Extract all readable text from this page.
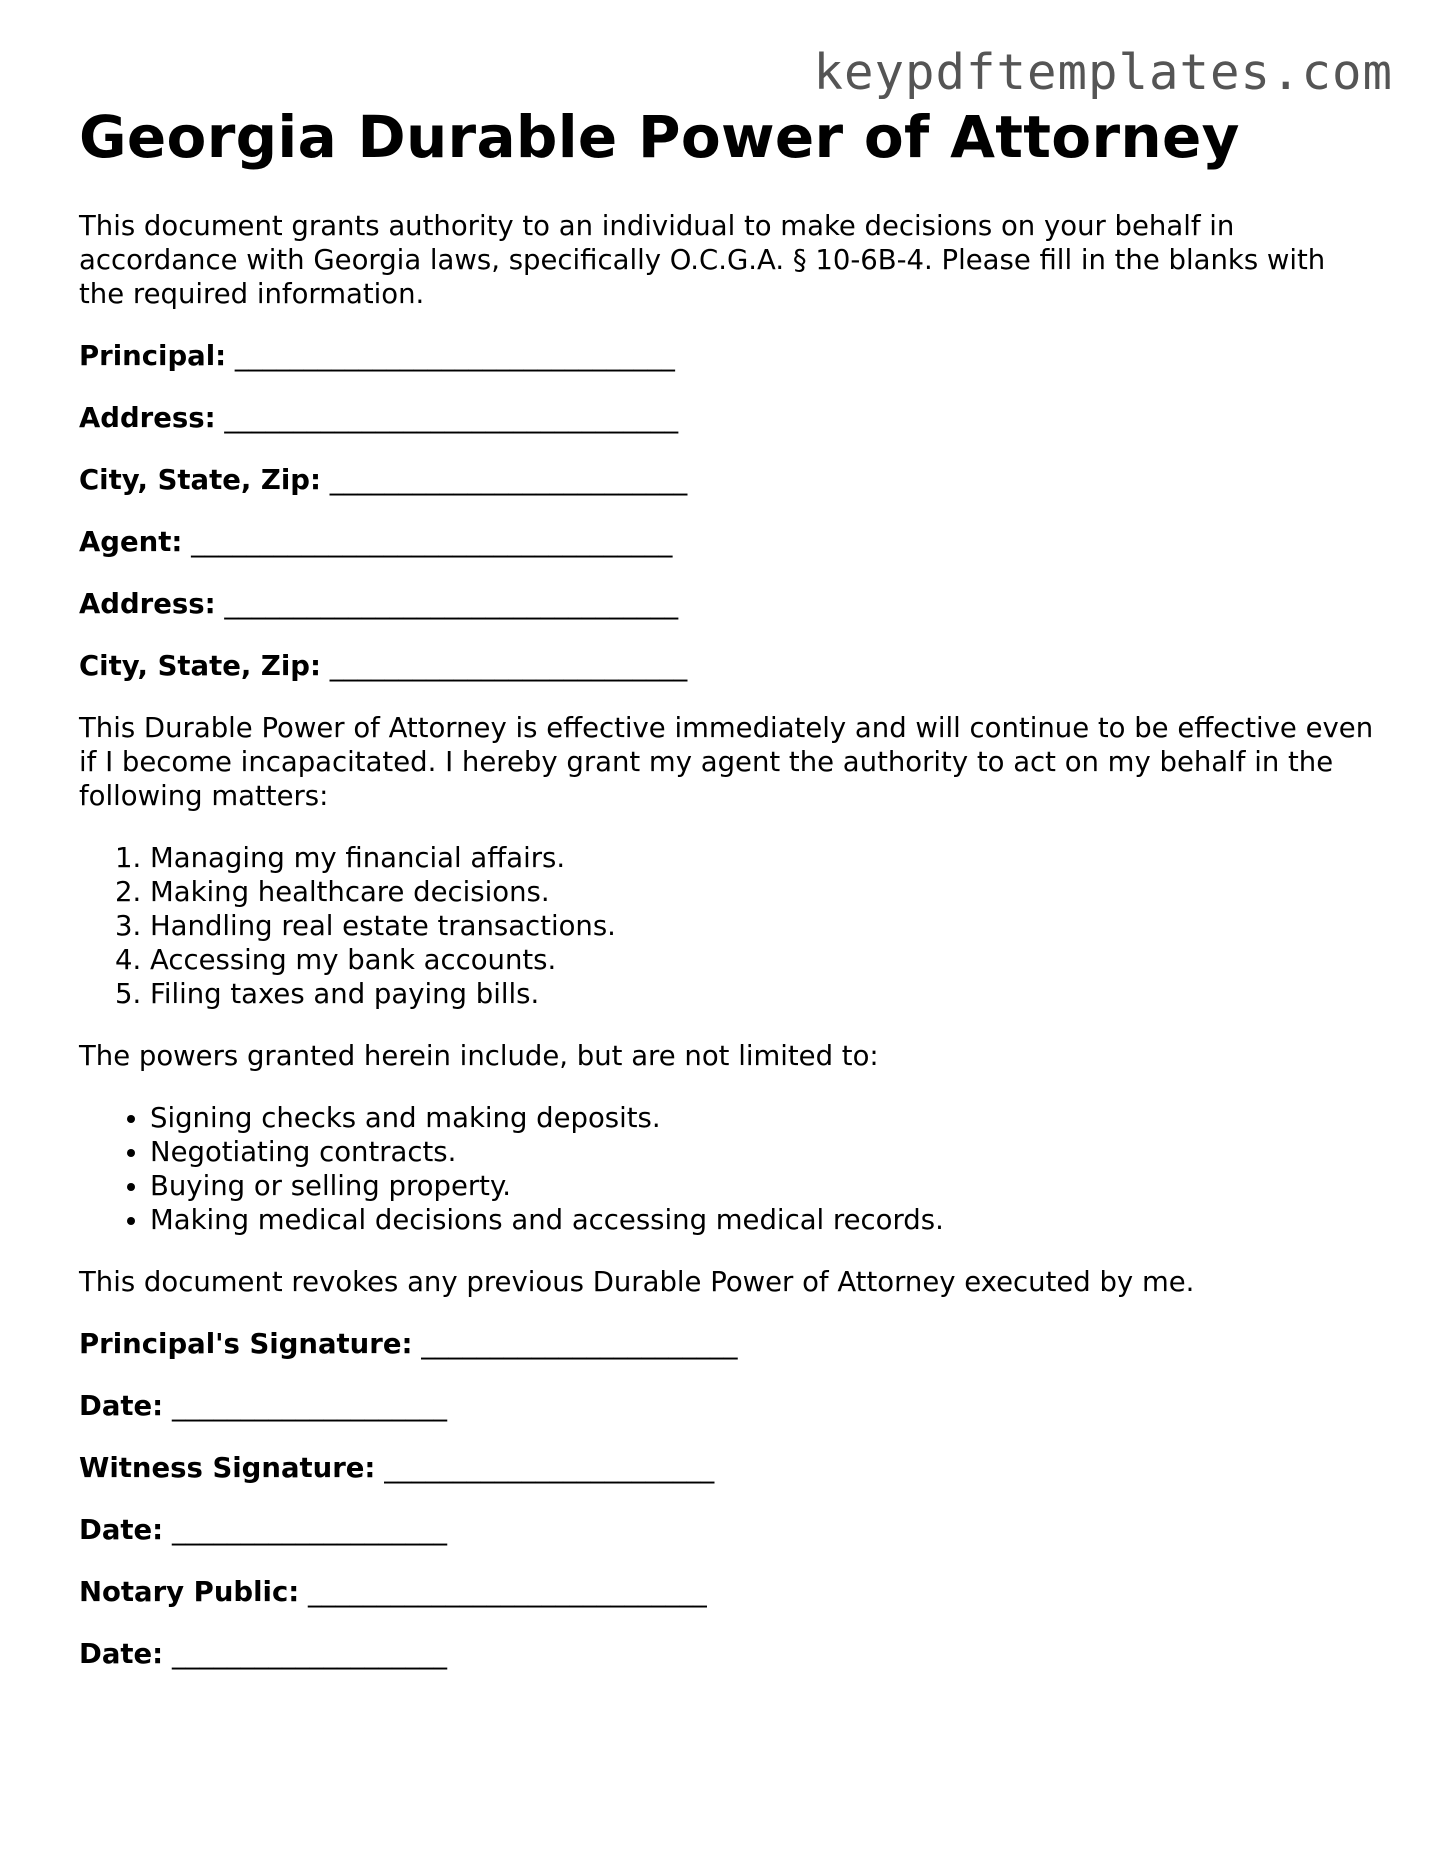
keypdftemplates.com
Georgia Durable Power of Attorney

This document grants authority to an individual to make decisions on your behalf in accordance with Georgia laws, specifically O.C.G.A. § 10-6B-4. Please fill in the blanks with the required information.

Principal: ________________________________

Address: _________________________________

City, State, Zip: __________________________

Agent: ___________________________________

Address: _________________________________

City, State, Zip: __________________________

This Durable Power of Attorney is effective immediately and will continue to be effective even if I become incapacitated. I hereby grant my agent the authority to act on my behalf in the following matters:

1. Managing my financial affairs.
2. Making healthcare decisions.
3. Handling real estate transactions.
4. Accessing my bank accounts.
5. Filing taxes and paying bills.

The powers granted herein include, but are not limited to:

• Signing checks and making deposits.
• Negotiating contracts.
• Buying or selling property.
• Making medical decisions and accessing medical records.

This document revokes any previous Durable Power of Attorney executed by me.

Principal's Signature: _______________________

Date: ____________________

Witness Signature: ________________________

Date: ____________________

Notary Public: _____________________________

Date: ____________________
